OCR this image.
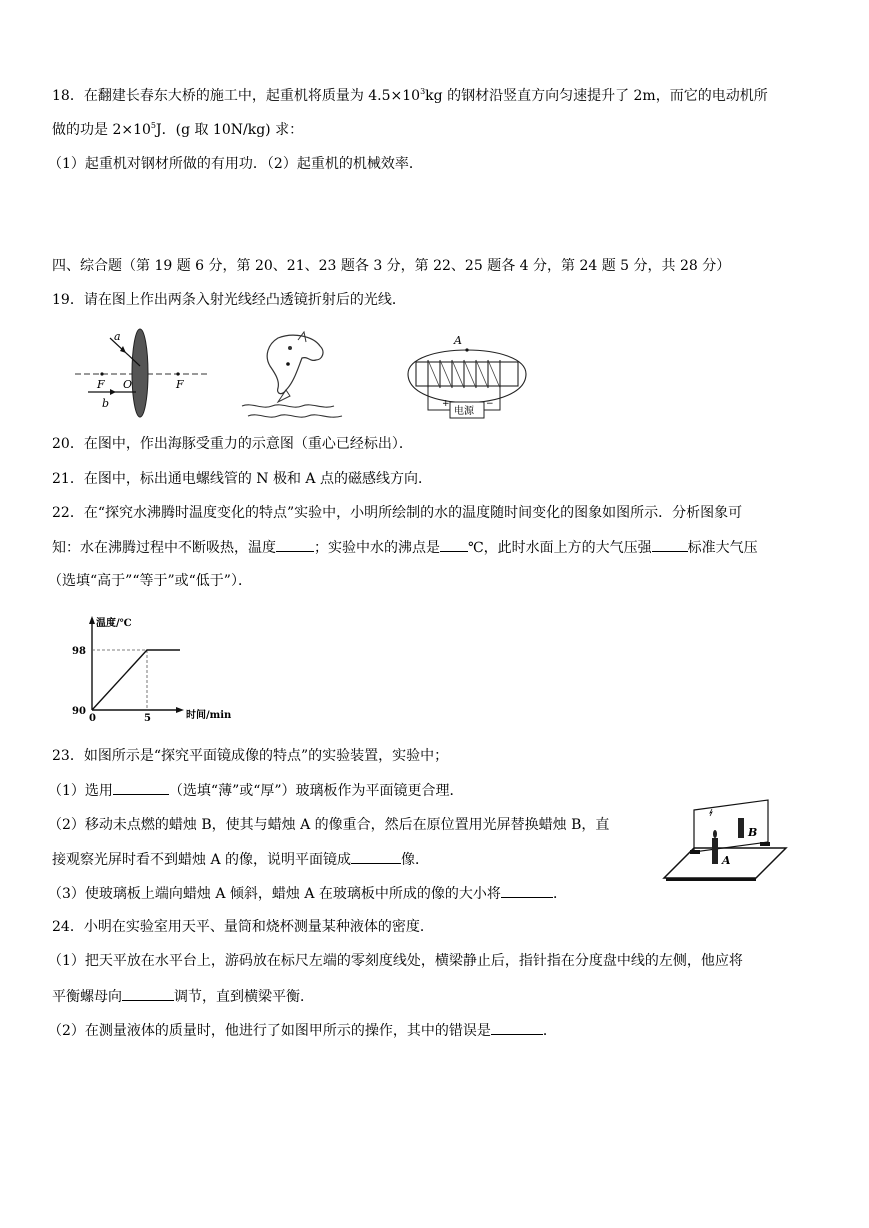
18．在翻建长春东大桥的施工中，起重机将质量为 $4.5\times 10^3kg$ 的钢材沿竖直方向匀速提升了 2m，而它的电动机所
做的功是 $2\times 10^5J$．(g 取 10N/kg) 求：
（1）起重机对钢材所做的有用功．（2）起重机的机械效率．
四、综合题（第 19 题 6 分，第 20、21、23 题各 3 分，第 22、25 题各 4 分，第 24 题 5 分，共 28 分）
19．请在图上作出两条入射光线经凸透镜折射后的光线．
a
F O	F
b
A
电源
+	−
20．在图中，作出海豚受重力的示意图（重心已经标出）．
21．在图中，标出通电螺线管的 N 极和 A 点的磁感线方向．
22．在“探究水沸腾时温度变化的特点”实验中，小明所绘制的水的温度随时间变化的图象如图所示．分析图象可
知：水在沸腾过程中不断吸热，温度	；实验中水的沸点是 ℃，此时水面上方的大气压强	标准大气压
（选填“高于”“等于”或“低于”）．
温度/℃
时间/min
90
98
0	5
23．如图所示是“探究平面镜成像的特点”的实验装置，实验中；
（1）选用	（选填“薄”或“厚”）玻璃板作为平面镜更合理．
（2）移动未点燃的蜡烛 B，使其与蜡烛 A 的像重合，然后在原位置用光屏替换蜡烛 B，直
接观察光屏时看不到蜡烛 A 的像，说明平面镜成	像．
（3）使玻璃板上端向蜡烛 A 倾斜，蜡烛 A 在玻璃板中所成的像的大小将	．
A
B
24．小明在实验室用天平、量筒和烧杯测量某种液体的密度．
（1）把天平放在水平台上，游码放在标尺左端的零刻度线处，横梁静止后，指针指在分度盘中线的左侧，他应将
平衡螺母向	调节，直到横梁平衡．
（2）在测量液体的质量时，他进行了如图甲所示的操作，其中的错误是	．
